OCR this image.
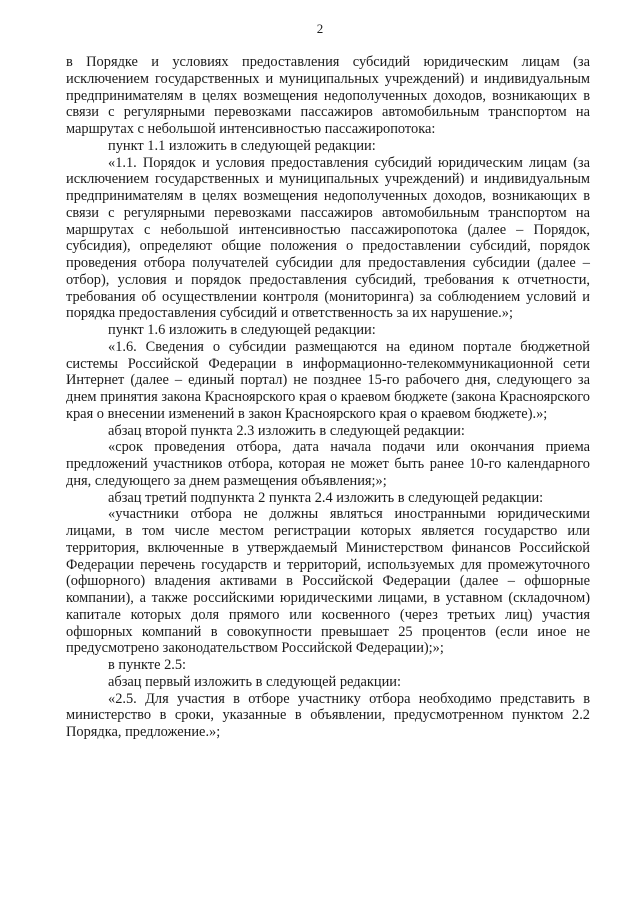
2

в Порядке и условиях предоставления субсидий юридическим лицам (за исключением государственных и муниципальных учреждений) и индивидуальным предпринимателям в целях возмещения недополученных доходов, возникающих в связи с регулярными перевозками пассажиров автомобильным транспортом на маршрутах с небольшой интенсивностью пассажиропотока:

пункт 1.1 изложить в следующей редакции:

«1.1. Порядок и условия предоставления субсидий юридическим лицам (за исключением государственных и муниципальных учреждений) и индивидуальным предпринимателям в целях возмещения недополученных доходов, возникающих в связи с регулярными перевозками пассажиров автомобильным транспортом на маршрутах с небольшой интенсивностью пассажиропотока (далее – Порядок, субсидия), определяют общие положения о предоставлении субсидий, порядок проведения отбора получателей субсидии для предоставления субсидии (далее – отбор), условия и порядок предоставления субсидий, требования к отчетности, требования об осуществлении контроля (мониторинга) за соблюдением условий и порядка предоставления субсидий и ответственность за их нарушение.»;

пункт 1.6 изложить в следующей редакции:

«1.6. Сведения о субсидии размещаются на едином портале бюджетной системы Российской Федерации в информационно-телекоммуникационной сети Интернет (далее – единый портал) не позднее 15-го рабочего дня, следующего за днем принятия закона Красноярского края о краевом бюджете (закона Красноярского края о внесении изменений в закон Красноярского края о краевом бюджете).»;

абзац второй пункта 2.3 изложить в следующей редакции:

«срок проведения отбора, дата начала подачи или окончания приема предложений участников отбора, которая не может быть ранее 10-го календарного дня, следующего за днем размещения объявления;»;

абзац третий подпункта 2 пункта 2.4 изложить в следующей редакции:

«участники отбора не должны являться иностранными юридическими лицами, в том числе местом регистрации которых является государство или территория, включенные в утверждаемый Министерством финансов Российской Федерации перечень государств и территорий, используемых для промежуточного (офшорного) владения активами в Российской Федерации (далее – офшорные компании), а также российскими юридическими лицами, в уставном (складочном) капитале которых доля прямого или косвенного (через третьих лиц) участия офшорных компаний в совокупности превышает 25 процентов (если иное не предусмотрено законодательством Российской Федерации);»;

в пункте 2.5:

абзац первый изложить в следующей редакции:

«2.5. Для участия в отборе участнику отбора необходимо представить в министерство в сроки, указанные в объявлении, предусмотренном пунктом 2.2 Порядка, предложение.»;
